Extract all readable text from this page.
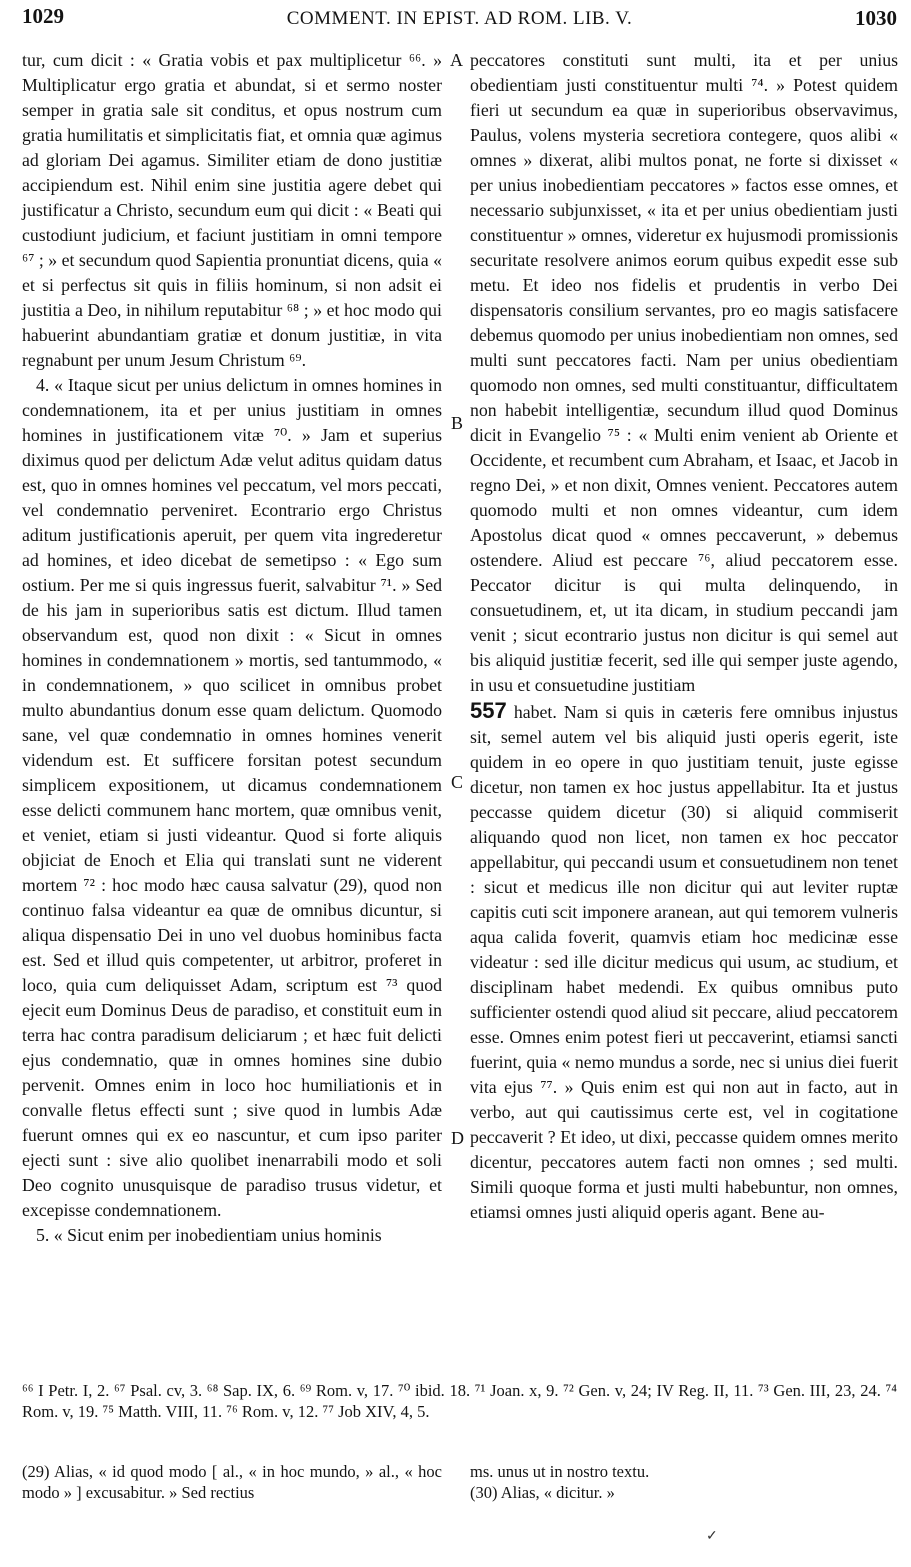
1029	COMMENT. IN EPIST. AD ROM. LIB. V.	1030
A
B
C
D

tur, cum dicit : « Gratia vobis et pax multiplicetur ⁶⁶. » Multiplicatur ergo gratia et abundat, si et sermo noster semper in gratia sale sit conditus, et opus nostrum cum gratia humilitatis et simplicitatis fiat, et omnia quæ agimus ad gloriam Dei agamus. Similiter etiam de dono justitiæ accipiendum est. Nihil enim sine justitia agere debet qui justificatur a Christo, secundum eum qui dicit : « Beati qui custodiunt judicium, et faciunt justitiam in omni tempore ⁶⁷ ; » et secundum quod Sapientia pronuntiat dicens, quia « et si perfectus sit quis in filiis hominum, si non adsit ei justitia a Deo, in nihilum reputabitur ⁶⁸ ; » et hoc modo qui habuerint abundantiam gratiæ et donum justitiæ, in vita regnabunt per unum Jesum Christum ⁶⁹.

4. « Itaque sicut per unius delictum in omnes homines in condemnationem, ita et per unius justitiam in omnes homines in justificationem vitæ ⁷⁰. » Jam et superius diximus quod per delictum Adæ velut aditus quidam datus est, quo in omnes homines vel peccatum, vel mors peccati, vel condemnatio perveniret. Econtrario ergo Christus aditum justificationis aperuit, per quem vita ingrederetur ad homines, et ideo dicebat de semetipso : « Ego sum ostium. Per me si quis ingressus fuerit, salvabitur ⁷¹. » Sed de his jam in superioribus satis est dictum. Illud tamen observandum est, quod non dixit : « Sicut in omnes homines in condemnationem » mortis, sed tantummodo, « in condemnationem, » quo scilicet in omnibus probet multo abundantius donum esse quam delictum. Quomodo sane, vel quæ condemnatio in omnes homines venerit videndum est. Et sufficere forsitan potest secundum simplicem expositionem, ut dicamus condemnationem esse delicti communem hanc mortem, quæ omnibus venit, et veniet, etiam si justi videantur. Quod si forte aliquis objiciat de Enoch et Elia qui translati sunt ne viderent mortem ⁷² : hoc modo hæc causa salvatur (29), quod non continuo falsa videantur ea quæ de omnibus dicuntur, si aliqua dispensatio Dei in uno vel duobus hominibus facta est. Sed et illud quis competenter, ut arbitror, proferet in loco, quia cum deliquisset Adam, scriptum est ⁷³ quod ejecit eum Dominus Deus de paradiso, et constituit eum in terra hac contra paradisum deliciarum ; et hæc fuit delicti ejus condemnatio, quæ in omnes homines sine dubio pervenit. Omnes enim in loco hoc humiliationis et in convalle fletus effecti sunt ; sive quod in lumbis Adæ fuerunt omnes qui ex eo nascuntur, et cum ipso pariter ejecti sunt : sive alio quolibet inenarrabili modo et soli Deo cognito unusquisque de paradiso trusus videtur, et excepisse condemnationem.

5. « Sicut enim per inobedientiam unius hominis

peccatores constituti sunt multi, ita et per unius obedientiam justi constituentur multi ⁷⁴. » Potest quidem fieri ut secundum ea quæ in superioribus observavimus, Paulus, volens mysteria secretiora contegere, quos alibi « omnes » dixerat, alibi multos ponat, ne forte si dixisset « per unius inobedientiam peccatores » factos esse omnes, et necessario subjunxisset, « ita et per unius obedientiam justi constituentur » omnes, videretur ex hujusmodi promissionis securitate resolvere animos eorum quibus expedit esse sub metu. Et ideo nos fidelis et prudentis in verbo Dei dispensatoris consilium servantes, pro eo magis satisfacere debemus quomodo per unius inobedientiam non omnes, sed multi sunt peccatores facti. Nam per unius obedientiam quomodo non omnes, sed multi constituantur, difficultatem non habebit intelligentiæ, secundum illud quod Dominus dicit in Evangelio ⁷⁵ : « Multi enim venient ab Oriente et Occidente, et recumbent cum Abraham, et Isaac, et Jacob in regno Dei, » et non dixit, Omnes venient. Peccatores autem quomodo multi et non omnes videantur, cum idem Apostolus dicat quod « omnes peccaverunt, » debemus ostendere. Aliud est peccare ⁷⁶, aliud peccatorem esse. Peccator dicitur is qui multa delinquendo, in consuetudinem, et, ut ita dicam, in studium peccandi jam venit ; sicut econtrario justus non dicitur is qui semel aut bis aliquid justitiæ fecerit, sed ille qui semper juste agendo, in usu et consuetudine justitiam

557 habet. Nam si quis in cæteris fere omnibus injustus sit, semel autem vel bis aliquid justi operis egerit, iste quidem in eo opere in quo justitiam tenuit, juste egisse dicetur, non tamen ex hoc justus appellabitur. Ita et justus peccasse quidem dicetur (30) si aliquid commiserit aliquando quod non licet, non tamen ex hoc peccator appellabitur, qui peccandi usum et consuetudinem non tenet : sicut et medicus ille non dicitur qui aut leviter ruptæ capitis cuti scit imponere aranean, aut qui temorem vulneris aqua calida foverit, quamvis etiam hoc medicinæ esse videatur : sed ille dicitur medicus qui usum, ac studium, et disciplinam habet medendi. Ex quibus omnibus puto sufficienter ostendi quod aliud sit peccare, aliud peccatorem esse. Omnes enim potest fieri ut peccaverint, etiamsi sancti fuerint, quia « nemo mundus a sorde, nec si unius diei fuerit vita ejus ⁷⁷. » Quis enim est qui non aut in facto, aut in verbo, aut qui cautissimus certe est, vel in cogitatione peccaverit ? Et ideo, ut dixi, peccasse quidem omnes merito dicentur, peccatores autem facti non omnes ; sed multi. Simili quoque forma et justi multi habebuntur, non omnes, etiamsi omnes justi aliquid operis agant. Bene au-

⁶⁶ I Petr. I, 2. ⁶⁷ Psal. cv, 3. ⁶⁸ Sap. IX, 6. ⁶⁹ Rom. v, 17. ⁷⁰ ibid. 18. ⁷¹ Joan. x, 9. ⁷² Gen. v, 24; IV Reg. II, 11. ⁷³ Gen. III, 23, 24. ⁷⁴ Rom. v, 19. ⁷⁵ Matth. VIII, 11. ⁷⁶ Rom. v, 12. ⁷⁷ Job XIV, 4, 5.

(29) Alias, « id quod modo [ al., « in hoc mundo, » al., « hoc modo » ] excusabitur. » Sed rectius

ms. unus ut in nostro textu.

(30) Alias, « dicitur. »

✓
